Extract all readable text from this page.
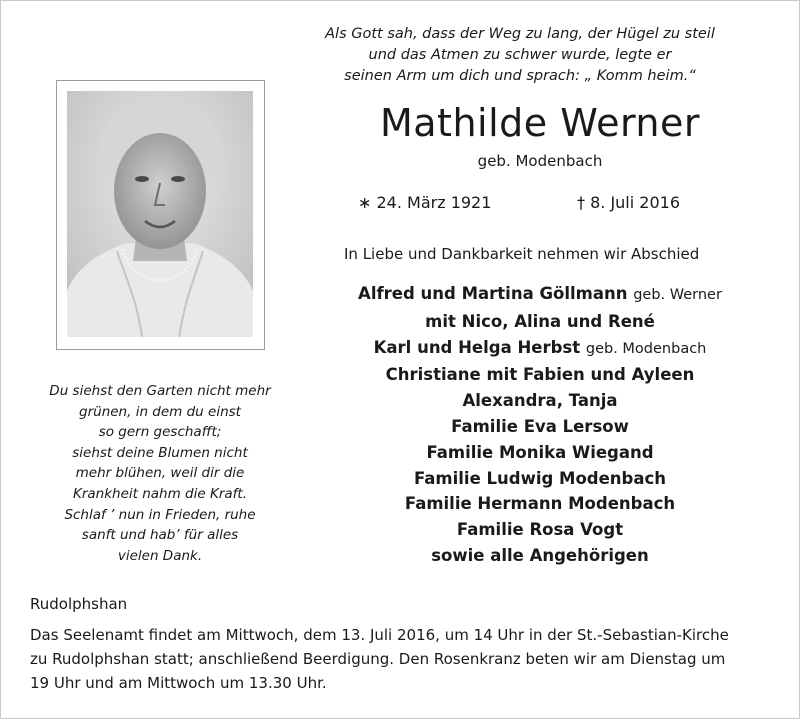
Als Gott sah, dass der Weg zu lang, der Hügel zu steil
und das Atmen zu schwer wurde, legte er
seinen Arm um dich und sprach: „ Komm heim.“
Mathilde Werner
geb. Modenbach
∗ 24. März 1921	† 8. Juli 2016
In Liebe und Dankbarkeit nehmen wir Abschied
Alfred und Martina Göllmann geb. Werner
mit Nico, Alina und René
Karl und Helga Herbst geb. Modenbach
Christiane mit Fabien und Ayleen
Alexandra, Tanja
Familie Eva Lersow
Familie Monika Wiegand
Familie Ludwig Modenbach
Familie Hermann Modenbach
Familie Rosa Vogt
sowie alle Angehörigen
Du siehst den Garten nicht mehr
grünen, in dem du einst
so gern geschafft;
siehst deine Blumen nicht
mehr blühen, weil dir die
Krankheit nahm die Kraft.
Schlaf ’ nun in Frieden, ruhe
sanft und hab’ für alles
vielen Dank.
Rudolphshan
Das Seelenamt findet am Mittwoch, dem 13. Juli 2016, um 14 Uhr in der St.-Sebastian-Kirche
zu Rudolphshan statt; anschließend Beerdigung. Den Rosenkranz beten wir am Dienstag um
19 Uhr und am Mittwoch um 13.30 Uhr.
